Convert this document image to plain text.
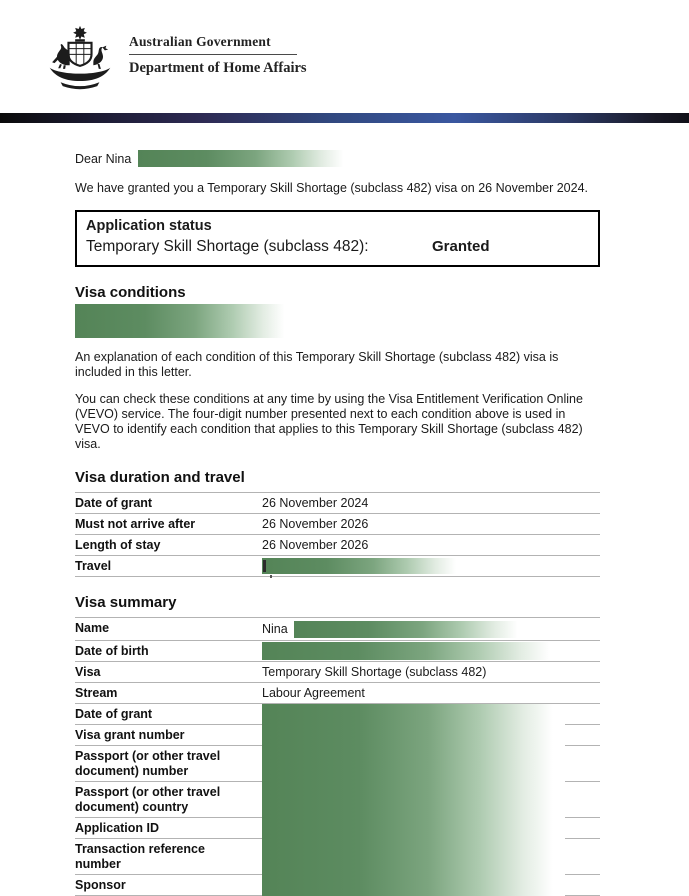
Australian Government
Department of Home Affairs
Dear Nina

We have granted you a Temporary Skill Shortage (subclass 482) visa on 26 November 2024.

Application status
Temporary Skill Shortage (subclass 482):	Granted
Visa conditions

An explanation of each condition of this Temporary Skill Shortage (subclass 482) visa is included in this letter.

You can check these conditions at any time by using the Visa Entitlement Verification Online (VEVO) service. The four-digit number presented next to each condition above is used in VEVO to identify each condition that applies to this Temporary Skill Shortage (subclass 482) visa.

Visa duration and travel
Date of grant	26 November 2024
Must not arrive after	26 November 2026
Length of stay	26 November 2026
Travel
Visa summary
Name	Nina
Date of birth
Visa	Temporary Skill Shortage (subclass 482)
Stream	Labour Agreement
Date of grant
Visa grant number
Passport (or other travel document) number
Passport (or other travel document) country
Application ID
Transaction reference number
Sponsor
